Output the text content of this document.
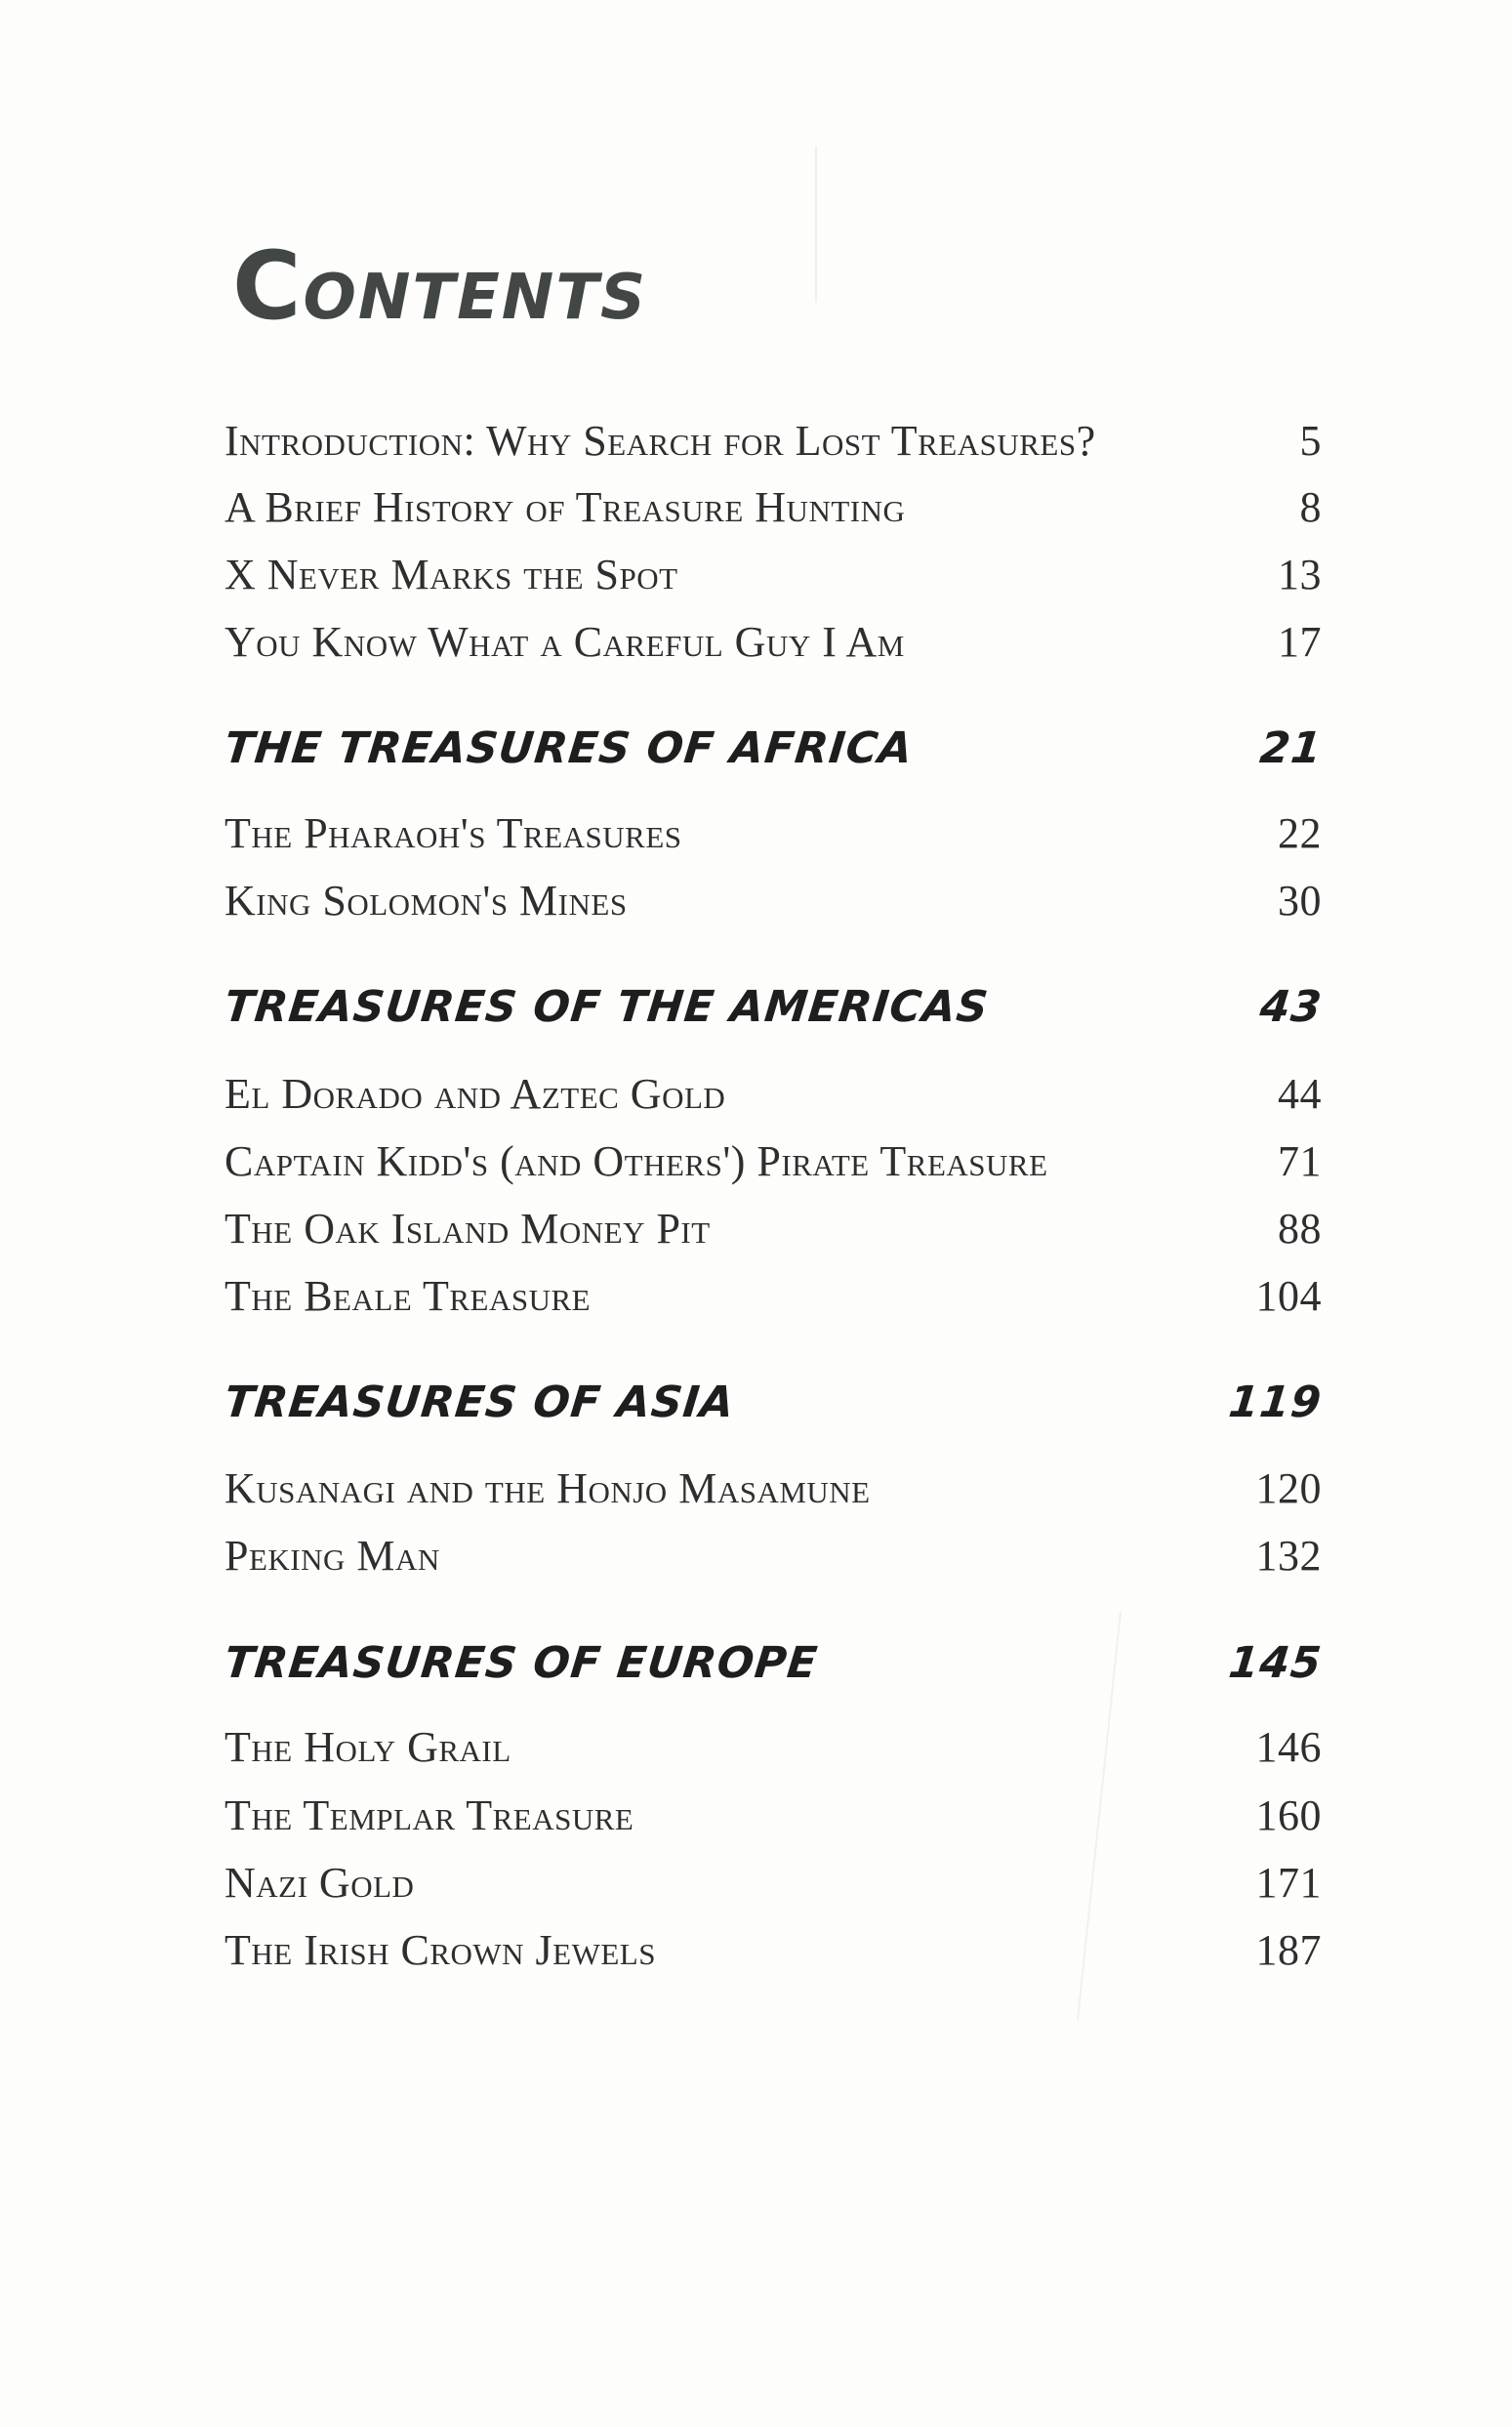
CONTENTS
Introduction: Why Search for Lost Treasures?	5
A Brief History of Treasure Hunting	8
X Never Marks the Spot	13
You Know What a Careful Guy I Am	17
THE TREASURES OF AFRICA	21
The Pharaoh's Treasures	22
King Solomon's Mines	30
TREASURES OF THE AMERICAS	43
El Dorado and Aztec Gold	44
Captain Kidd's (and Others') Pirate Treasure	71
The Oak Island Money Pit	88
The Beale Treasure	104
TREASURES OF ASIA	119
Kusanagi and the Honjo Masamune	120
Peking Man	132
TREASURES OF EUROPE	145
The Holy Grail	146
The Templar Treasure	160
Nazi Gold	171
The Irish Crown Jewels	187
